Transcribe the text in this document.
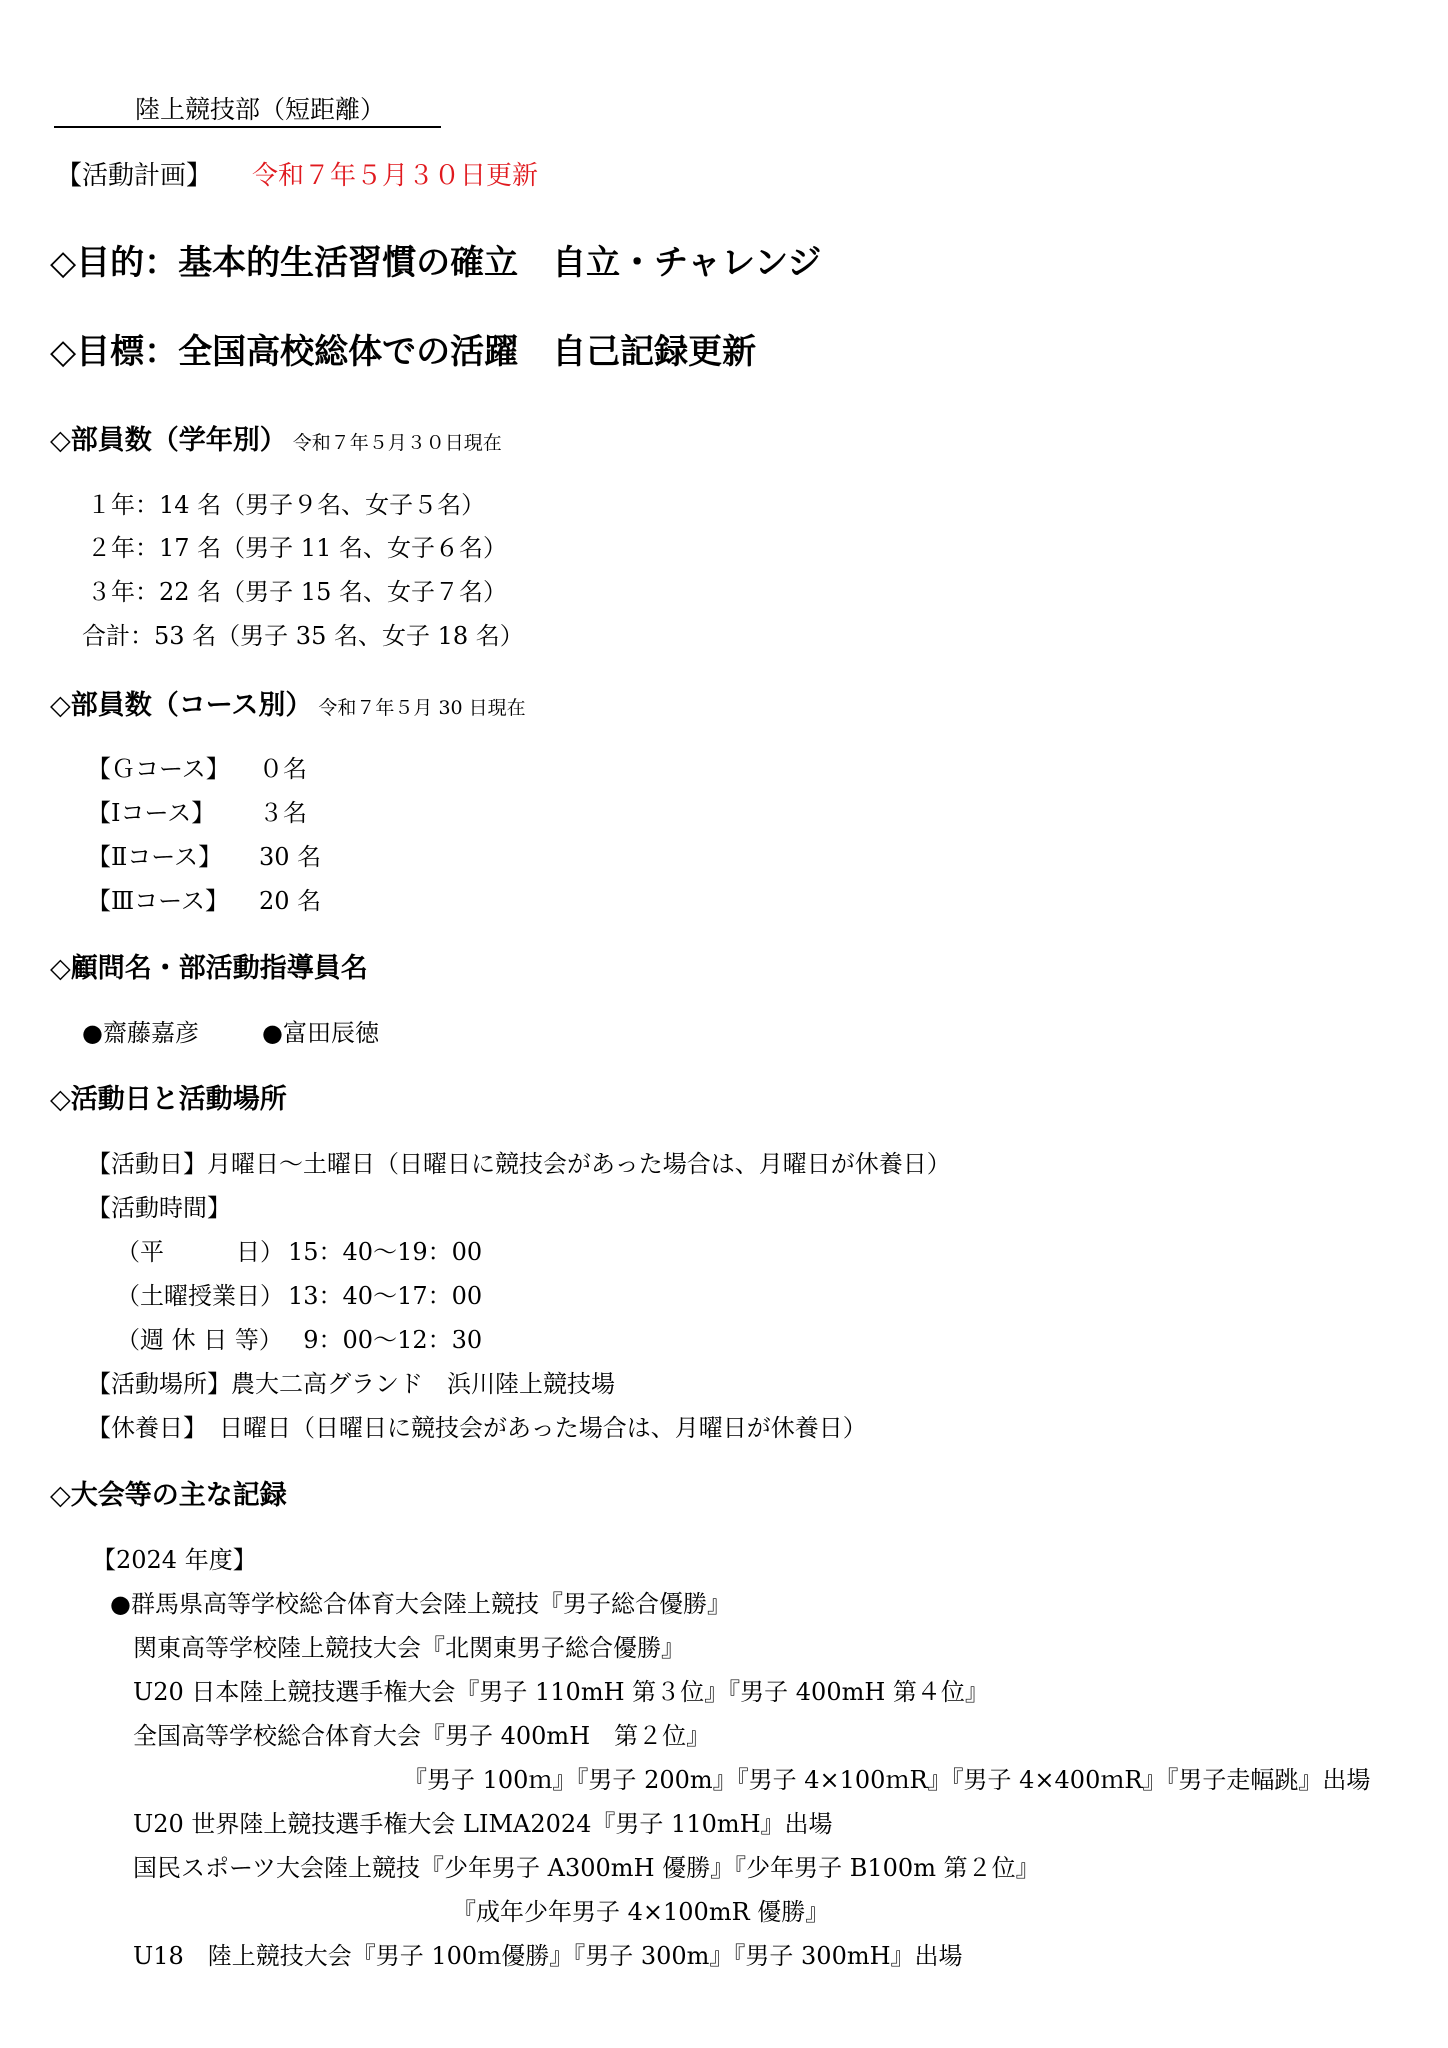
陸上競技部（短距離）
【活動計画】 令和７年５月３０日更新
◇目的：基本的生活習慣の確立　自立・チャレンジ
◇目標：全国高校総体での活躍　自己記録更新
◇部員数（学年別） 令和７年５月３０日現在
１年：14 名（男子９名、女子５名）
２年：17 名（男子 11 名、女子６名）
３年：22 名（男子 15 名、女子７名）
合計：53 名（男子 35 名、女子 18 名）
◇部員数（コース別） 令和７年５月 30 日現在
【Ｇコース】 ０名
【Ⅰコース】 ３名
【Ⅱコース】 30 名
【Ⅲコース】 20 名
◇顧問名・部活動指導員名
●齋藤嘉彦	●富田辰徳
◇活動日と活動場所
【活動日】月曜日～土曜日（日曜日に競技会があった場合は、月曜日が休養日）
【活動時間】
（平　　　日） 15：40～19：00
（土曜授業日） 13：40～17：00
（週 休 日 等）  9：00～12：30
【活動場所】農大二高グランド　浜川陸上競技場
【休養日】　日曜日（日曜日に競技会があった場合は、月曜日が休養日）
◇大会等の主な記録
【2024 年度】
●群馬県高等学校総合体育大会陸上競技『男子総合優勝』
関東高等学校陸上競技大会『北関東男子総合優勝』
U20 日本陸上競技選手権大会『男子 110mH 第３位』『男子 400mH 第４位』
全国高等学校総合体育大会『男子 400mH　第２位』
『男子 100ｍ』『男子 200m』『男子 4×100ｍR』『男子 4×400ｍR』『男子走幅跳』出場
U20 世界陸上競技選手権大会 LIMA2024『男子 110mH』出場
国民スポーツ大会陸上競技『少年男子 A300mH 優勝』『少年男子 B100m 第２位』
『成年少年男子 4×100mR 優勝』
U18　陸上競技大会『男子 100ｍ優勝』『男子 300m』『男子 300mH』出場
